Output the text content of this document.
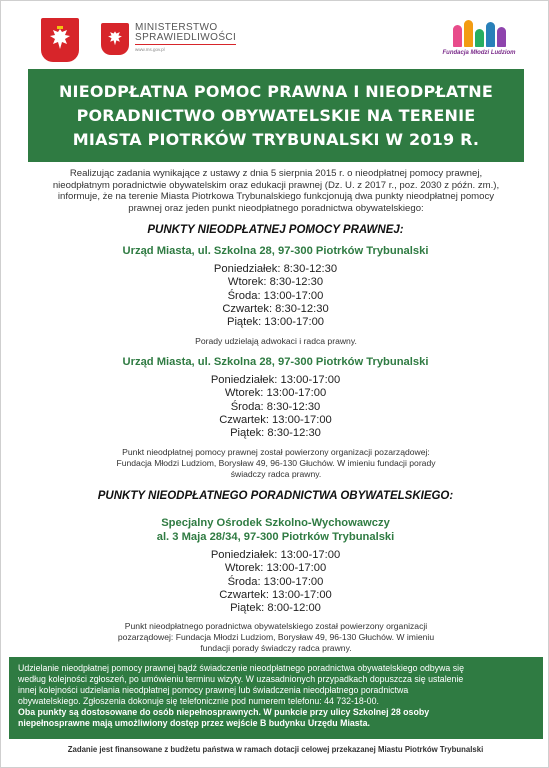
MINISTERSTWO
SPRAWIEDLIWOŚCI
www.ms.gov.pl
Fundacja Młodzi Ludziom
NIEODPŁATNA POMOC PRAWNA I NIEODPŁATNE
PORADNICTWO OBYWATELSKIE NA TERENIE
MIASTA PIOTRKÓW TRYBUNALSKI W 2019 R.
Realizując zadania wynikające z ustawy z dnia 5 sierpnia 2015 r. o nieodpłatnej pomocy prawnej,
nieodpłatnym poradnictwie obywatelskim oraz edukacji prawnej (Dz. U. z 2017 r., poz. 2030 z późn. zm.),
informuje, że na terenie Miasta Piotrkowa Trybunalskiego funkcjonują dwa punkty nieodpłatnej pomocy
prawnej oraz jeden punkt nieodpłatnego poradnictwa obywatelskiego:
PUNKTY NIEODPŁATNEJ POMOCY PRAWNEJ:
Urząd Miasta, ul. Szkolna 28, 97-300 Piotrków Trybunalski
Poniedziałek: 8:30-12:30
Wtorek: 8:30-12:30
Środa: 13:00-17:00
Czwartek: 8:30-12:30
Piątek: 13:00-17:00
Porady udzielają adwokaci i radca prawny.
Urząd Miasta, ul. Szkolna 28, 97-300 Piotrków Trybunalski
Poniedziałek: 13:00-17:00
Wtorek: 13:00-17:00
Środa: 8:30-12:30
Czwartek: 13:00-17:00
Piątek: 8:30-12:30
Punkt nieodpłatnej pomocy prawnej został powierzony organizacji pozarządowej:
Fundacja Młodzi Ludziom, Borysław 49, 96-130 Głuchów. W imieniu fundacji porady
świadczy radca prawny.
PUNKTY NIEODPŁATNEGO PORADNICTWA OBYWATELSKIEGO:
Specjalny Ośrodek Szkolno-Wychowawczy
al. 3 Maja 28/34, 97-300 Piotrków Trybunalski
Poniedziałek: 13:00-17:00
Wtorek: 13:00-17:00
Środa: 13:00-17:00
Czwartek: 13:00-17:00
Piątek: 8:00-12:00
Punkt nieodpłatnego poradnictwa obywatelskiego został powierzony organizacji
pozarządowej: Fundacja Młodzi Ludziom, Borysław 49, 96-130 Głuchów. W imieniu
fundacji porady świadczy radca prawny.

Udzielanie nieodpłatnej pomocy prawnej bądź świadczenie nieodpłatnego poradnictwa obywatelskiego odbywa się
według kolejności zgłoszeń, po umówieniu terminu wizyty. W uzasadnionych przypadkach dopuszcza się ustalenie
innej kolejności udzielania nieodpłatnej pomocy prawnej lub świadczenia nieodpłatnego poradnictwa
obywatelskiego. Zgłoszenia dokonuje się telefonicznie pod numerem telefonu: 44 732-18-00.
Oba punkty są dostosowane do osób niepełnosprawnych. W punkcie przy ulicy Szkolnej 28 osoby
niepełnosprawne mają umożliwiony dostęp przez wejście B budynku Urzędu Miasta.

Zadanie jest finansowane z budżetu państwa w ramach dotacji celowej przekazanej Miastu Piotrków Trybunalski
